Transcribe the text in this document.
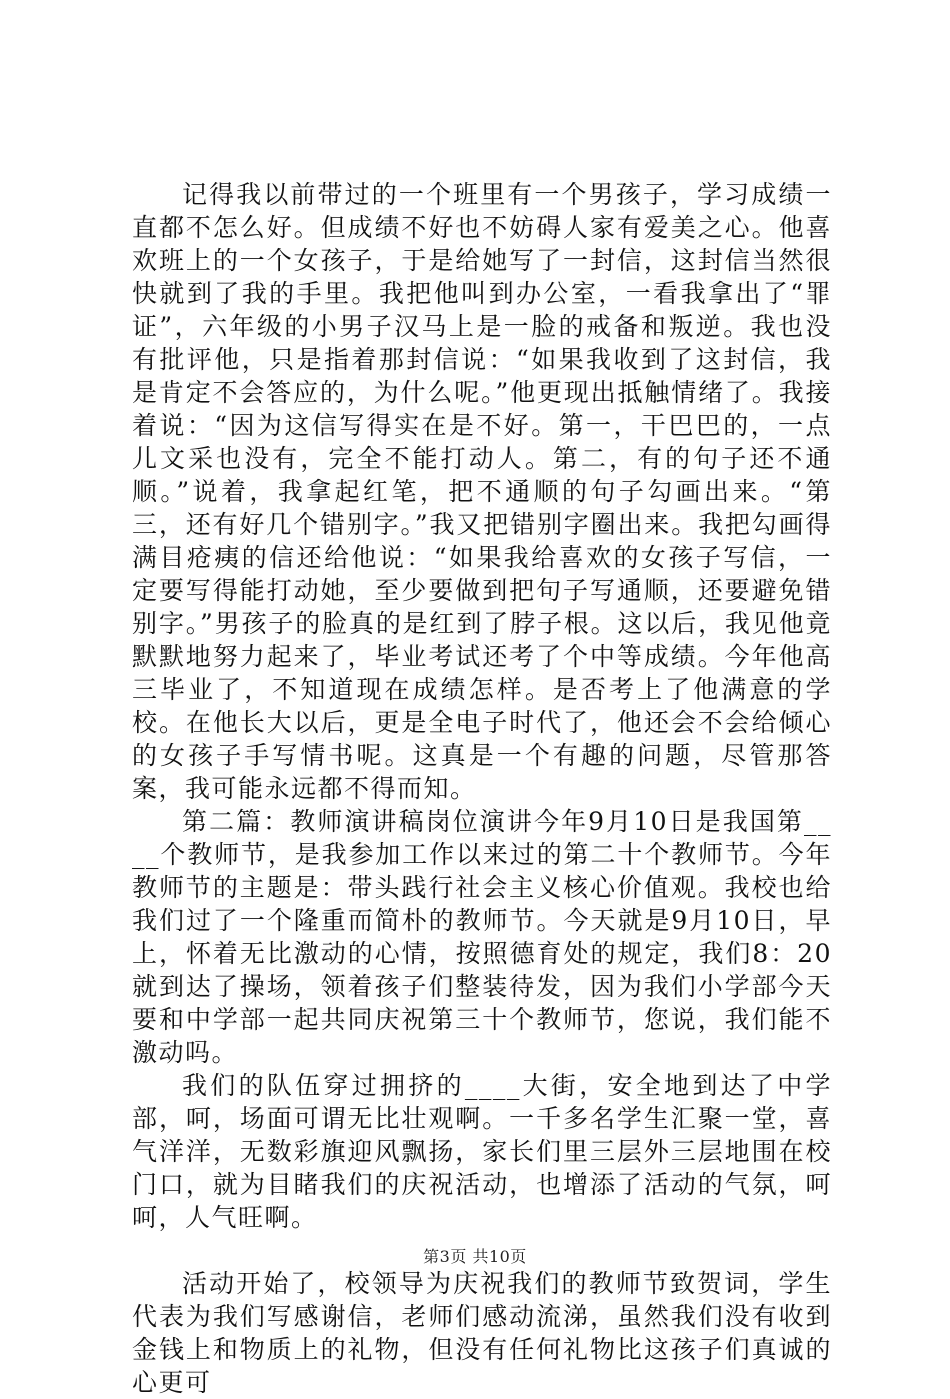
记得我以前带过的一个班里有一个男孩子，学习成绩一直都不怎么好。但成绩不好也不妨碍人家有爱美之心。他喜欢班上的一个女孩子，于是给她写了一封信，这封信当然很快就到了我的手里。我把他叫到办公室，一看我拿出了“罪证”，六年级的小男子汉马上是一脸的戒备和叛逆。我也没有批评他，只是指着那封信说：“如果我收到了这封信，我是肯定不会答应的，为什么呢。”他更现出抵触情绪了。我接着说：“因为这信写得实在是不好。第一，干巴巴的，一点儿文采也没有，完全不能打动人。第二，有的句子还不通顺。”说着，我拿起红笔，把不通顺的句子勾画出来。“第三，还有好几个错别字。”我又把错别字圈出来。我把勾画得满目疮痍的信还给他说：“如果我给喜欢的女孩子写信，一定要写得能打动她，至少要做到把句子写通顺，还要避免错别字。”男孩子的脸真的是红到了脖子根。这以后，我见他竟默默地努力起来了，毕业考试还考了个中等成绩。今年他高三毕业了，不知道现在成绩怎样。是否考上了他满意的学校。在他长大以后，更是全电子时代了，他还会不会给倾心的女孩子手写情书呢。这真是一个有趣的问题，尽管那答案，我可能永远都不得而知。

第二篇：教师演讲稿岗位演讲今年9月10日是我国第____个教师节，是我参加工作以来过的第二十个教师节。今年教师节的主题是：带头践行社会主义核心价值观。我校也给我们过了一个隆重而简朴的教师节。今天就是9月10日，早上，怀着无比激动的心情，按照德育处的规定，我们8：20就到达了操场，领着孩子们整装待发，因为我们小学部今天要和中学部一起共同庆祝第三十个教师节，您说，我们能不激动吗。

我们的队伍穿过拥挤的____大街，安全地到达了中学部，呵，场面可谓无比壮观啊。一千多名学生汇聚一堂，喜气洋洋，无数彩旗迎风飘扬，家长们里三层外三层地围在校门口，就为目睹我们的庆祝活动，也增添了活动的气氛，呵呵，人气旺啊。

活动开始了，校领导为庆祝我们的教师节致贺词，学生代表为我们写感谢信，老师们感动流涕，虽然我们没有收到金钱上和物质上的礼物，但没有任何礼物比这孩子们真诚的心更可

第3页 共10页
